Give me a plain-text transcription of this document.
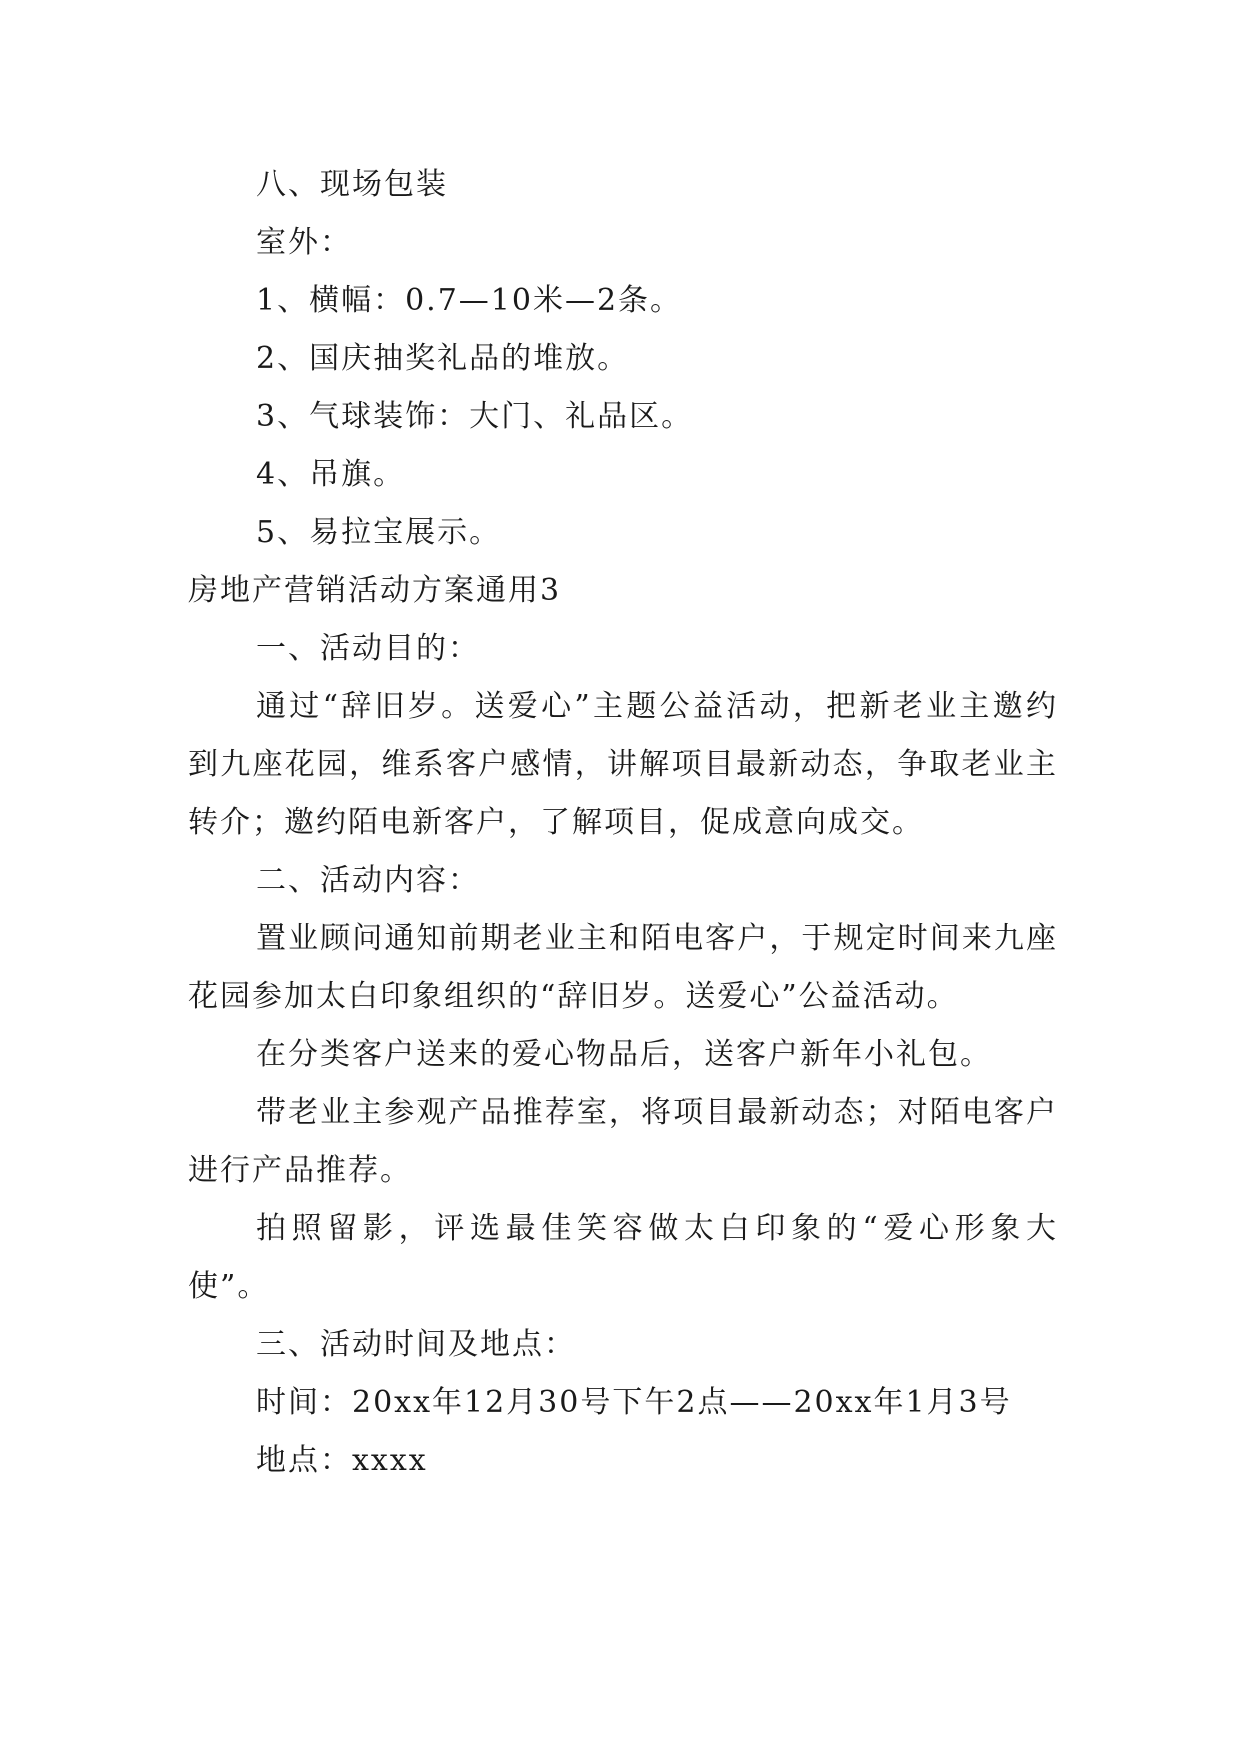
八、现场包装

室外：

1、横幅：0.7—10米—2条。

2、国庆抽奖礼品的堆放。

3、气球装饰：大门、礼品区。

4、吊旗。

5、易拉宝展示。

房地产营销活动方案通用3

一、活动目的：

通过“辞旧岁。送爱心”主题公益活动，把新老业主邀约到九座花园，维系客户感情，讲解项目最新动态，争取老业主转介；邀约陌电新客户，了解项目，促成意向成交。

二、活动内容：

置业顾问通知前期老业主和陌电客户，于规定时间来九座花园参加太白印象组织的“辞旧岁。送爱心”公益活动。

在分类客户送来的爱心物品后，送客户新年小礼包。

带老业主参观产品推荐室，将项目最新动态；对陌电客户进行产品推荐。

拍照留影，评选最佳笑容做太白印象的“爱心形象大使”。

三、活动时间及地点：

时间：20xx年12月30号下午2点——20xx年1月3号

地点：xxxx
